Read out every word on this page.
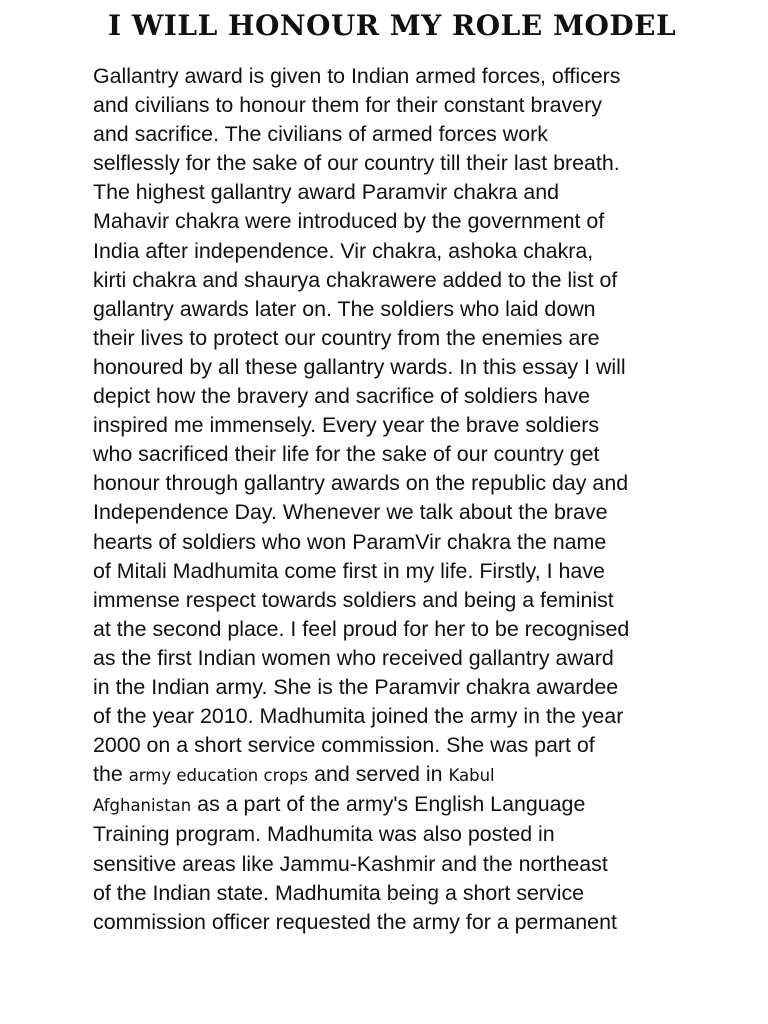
I WILL HONOUR MY ROLE MODEL
Gallantry award is given to Indian armed forces, officers
and civilians to honour them for their constant bravery
and sacrifice. The civilians of armed forces work
selflessly for the sake of our country till their last breath.
The highest gallantry award Paramvir chakra and
Mahavir chakra were introduced by the government of
India after independence. Vir chakra, ashoka chakra,
kirti chakra and shaurya chakrawere added to the list of
gallantry awards later on. The soldiers who laid down
their lives to protect our country from the enemies are
honoured by all these gallantry wards. In this essay I will
depict how the bravery and sacrifice of soldiers have
inspired me immensely. Every year the brave soldiers
who sacrificed their life for the sake of our country get
honour through gallantry awards on the republic day and
Independence Day. Whenever we talk about the brave
hearts of soldiers who won ParamVir chakra the name
of Mitali Madhumita come first in my life. Firstly, I have
immense respect towards soldiers and being a feminist
at the second place. I feel proud for her to be recognised
as the first Indian women who received gallantry award
in the Indian army. She is the Paramvir chakra awardee
of the year 2010. Madhumita joined the army in the year
2000 on a short service commission. She was part of
the army education crops and served in Kabul
Afghanistan as a part of the army's English Language
Training program. Madhumita was also posted in
sensitive areas like Jammu-Kashmir and the northeast
of the Indian state. Madhumita being a short service
commission officer requested the army for a permanent
